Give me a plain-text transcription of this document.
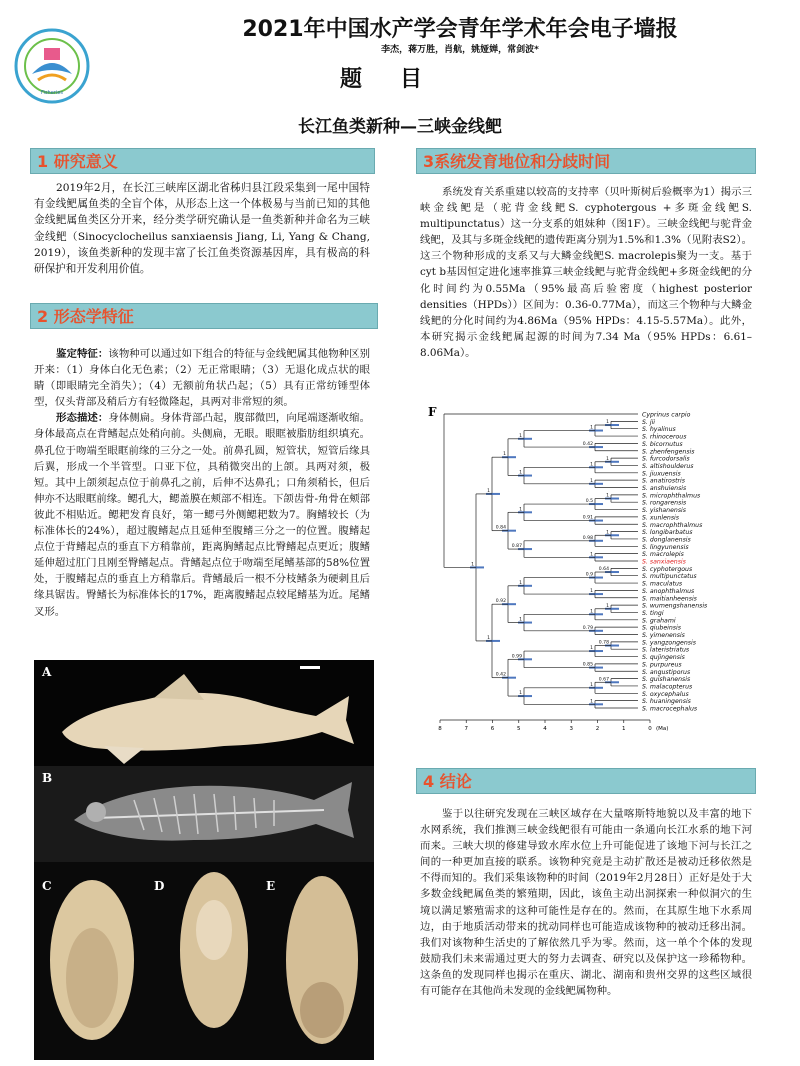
Fisheries
2021年中国水产学会青年学术年会电子墙报
李杰，蒋万胜，肖航，姚娅婵，常剑波*
题目
长江鱼类新种—三峡金线鲃
1 研究意义

2019年2月，在长江三峡库区湖北省秭归县江段采集到一尾中国特有金线鲃属鱼类的全盲个体，从形态上这一个体极易与当前已知的其他金线鲃属鱼类区分开来，经分类学研究确认是一鱼类新种并命名为三峡金线鲃（Sinocyclocheilus sanxiaensis Jiang, Li, Yang & Chang, 2019），该鱼类新种的发现丰富了长江鱼类资源基因库，具有极高的科研保护和开发利用价值。

2 形态学特征

鉴定特征：该物种可以通过如下组合的特征与金线鲃属其他物种区别开来：（1）身体白化无色素；（2）无正常眼睛；（3）无退化成点状的眼睛（即眼睛完全消失）；（4）无额前角状凸起；（5）具有正常纺锤型体型，仅头背部及稍后方有轻微隆起，具两对非常短的须。

形态描述：身体侧扁。身体背部凸起，腹部微凹，向尾端逐渐收缩。身体最高点在背鳍起点处稍向前。头侧扁，无眼。眼眶被脂肪组织填充。鼻孔位于吻端至眼眶前缘的三分之一处。前鼻孔圆，短管状，短管后缘具后翼，形成一个半管型。口亚下位，具稍微突出的上颌。具两对须，极短。其中上颌须起点位于前鼻孔之前，后伸不达鼻孔；口角须稍长，但后伸亦不达眼眶前缘。鳃孔大，鳃盖膜在颊部不相连。下颌齿骨-角骨在颊部彼此不相贴近。鳃耙发育良好，第一鳃弓外侧鳃耙数为7。胸鳍较长（为标准体长的24%），超过腹鳍起点且延伸至腹鳍三分之一的位置。腹鳍起点位于背鳍起点的垂直下方稍靠前，距离胸鳍起点比臀鳍起点更近；腹鳍延伸超过肛门且刚至臀鳍起点。背鳍起点位于吻端至尾鳍基部的58%位置处，于腹鳍起点的垂直上方稍靠后。背鳍最后一根不分枝鳍条为硬刺且后缘具锯齿。臀鳍长为标准体长的17%，距离腹鳍起点较尾鳍基为近。尾鳍叉形。

A
B
C	D	E
3系统发育地位和分歧时间

系统发育关系重建以较高的支持率（贝叶斯树后验概率为1）揭示三峡金线鲃是（驼背金线鲃S. cyphotergous +多斑金线鲃S. multipunctatus）这一分支系的姐妹种（图1F）。三峡金线鲃与驼背金线鲃，及其与多斑金线鲃的遗传距离分别为1.5%和1.3%（见附表S2）。这三个物种形成的支系又与大鳞金线鲃S. macrolepis聚为一支。基于cyt b基因恒定进化速率推算三峡金线鲃与驼背金线鲃+多斑金线鲃的分化时间约为0.55Ma（95%最高后验密度（highest posterior densities（HPDs））区间为：0.36-0.77Ma），而这三个物种与大鳞金线鲃的分化时间约为4.86Ma（95% HPDs：4.15-5.57Ma）。此外，本研究揭示金线鲃属起源的时间为7.34 Ma（95% HPDs：6.61–8.06Ma）。

F	Cyprinus carpio
S. jii
S. hyalinus
S. rhinocerous
S. bicornutus
S. zhenfengensis
S. furcodorsalis
S. altishoulderus
S. jiuxuensis
S. anatirostris
S. anshuiensis
S. microphthalmus
S. rongarensis
S. yishanensis
S. xunlensis
S. macrophthalmus
S. longibarbatus
S. donglanensis
S. lingyunensis
S. macrolepis
S. sanxiaensis
S. cyphotergous
S. multipunctatus
S. maculatus
S. anophthalmus
S. maitianheensis
S. wumengshanensis
S. tingi
S. grahami
S. qiubeinsis
S. yimenensis
S. yangzongensis
S. lateristriatus
S. qujingensis
S. purpureus
S. angustiporus
S. guishanensis
S. malacopterus
S. oxycephalus
S. huaningensis
S. macrocephalus
1
1
0.42
1
1
1
1
1
1
1
0.5
0.91
1
1
0.98
1
0.87
0.84
1
0.64
0.9
1
1
1
1
0.79
1
0.92
0.78
1
0.85
0.99
0.67
1
1
1
0.42
1
1
8	7	6	5	4	3	2	1	0 (Ma)
4 结论

鉴于以往研究发现在三峡区域存在大量喀斯特地貌以及丰富的地下水网系统，我们推测三峡金线鲃很有可能由一条通向长江水系的地下河而来。三峡大坝的修建导致水库水位上升可能促进了该地下河与长江之间的一种更加直接的联系。该物种究竟是主动扩散还是被动迁移依然是不得而知的。我们采集该物种的时间（2019年2月28日）正好是处于大多数金线鲃属鱼类的繁殖期，因此，该鱼主动出洞探索一种似洞穴的生境以满足繁殖需求的这种可能性是存在的。然而，在其原生地下水系周边，由于地质活动带来的扰动同样也可能造成该物种的被动迁移出洞。我们对该物种生活史的了解依然几乎为零。然而，这一单个个体的发现鼓励我们未来需通过更大的努力去调查、研究以及保护这一珍稀物种。这条鱼的发现同样也揭示在重庆、湖北、湖南和贵州交界的这些区域很有可能存在其他尚未发现的金线鲃属物种。
